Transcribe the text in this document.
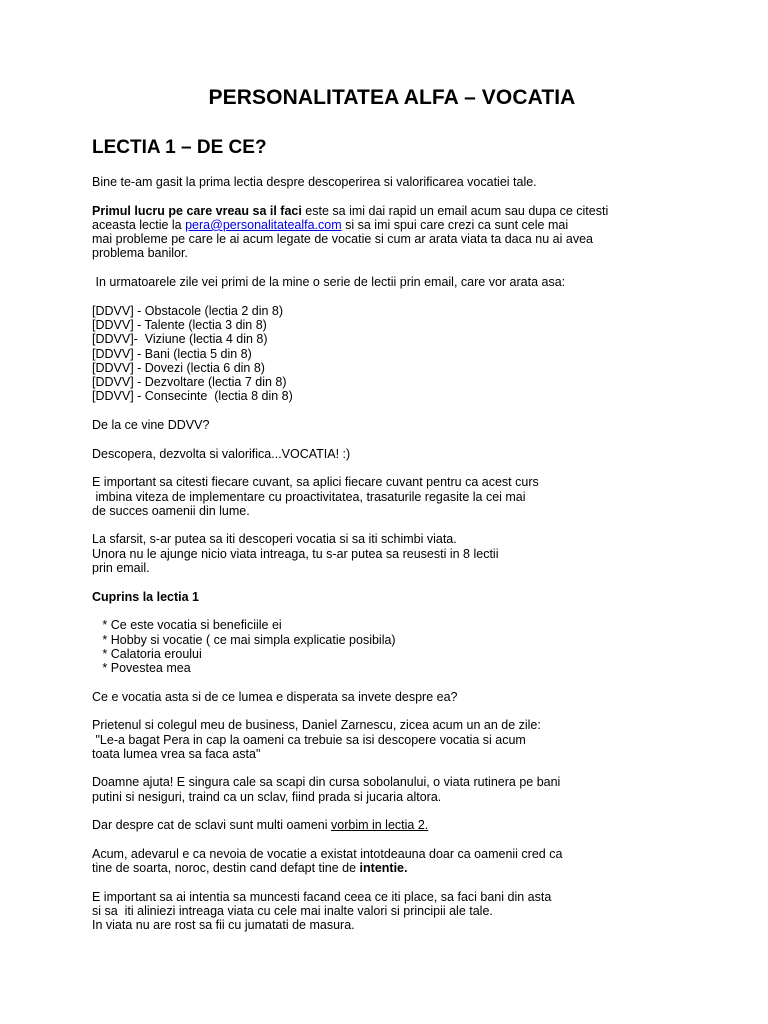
PERSONALITATEA ALFA – VOCATIA
LECTIA 1 – DE CE?

Bine te-am gasit la prima lectia despre descoperirea si valorificarea vocatiei tale.

Primul lucru pe care vreau sa il faci este sa imi dai rapid un email acum sau dupa ce citesti
aceasta lectie la pera@personalitatealfa.com si sa imi spui care crezi ca sunt cele mai
mai probleme pe care le ai acum legate de vocatie si cum ar arata viata ta daca nu ai avea
problema banilor.

In urmatoarele zile vei primi de la mine o serie de lectii prin email, care vor arata asa:

[DDVV] - Obstacole (lectia 2 din 8)
[DDVV] - Talente (lectia 3 din 8)
[DDVV]-  Viziune (lectia 4 din 8)
[DDVV] - Bani (lectia 5 din 8)
[DDVV] - Dovezi (lectia 6 din 8)
[DDVV] - Dezvoltare (lectia 7 din 8)
[DDVV] - Consecinte  (lectia 8 din 8)

De la ce vine DDVV?

Descopera, dezvolta si valorifica...VOCATIA! :)

E important sa citesti fiecare cuvant, sa aplici fiecare cuvant pentru ca acest curs
imbina viteza de implementare cu proactivitatea, trasaturile regasite la cei mai
de succes oamenii din lume.

La sfarsit, s-ar putea sa iti descoperi vocatia si sa iti schimbi viata.
Unora nu le ajunge nicio viata intreaga, tu s-ar putea sa reusesti in 8 lectii
prin email.

Cuprins la lectia 1

* Ce este vocatia si beneficiile ei
* Hobby si vocatie ( ce mai simpla explicatie posibila)
* Calatoria eroului
* Povestea mea

Ce e vocatia asta si de ce lumea e disperata sa invete despre ea?

Prietenul si colegul meu de business, Daniel Zarnescu, zicea acum un an de zile:
"Le-a bagat Pera in cap la oameni ca trebuie sa isi descopere vocatia si acum
toata lumea vrea sa faca asta"

Doamne ajuta! E singura cale sa scapi din cursa sobolanului, o viata rutinera pe bani
putini si nesiguri, traind ca un sclav, fiind prada si jucaria altora.

Dar despre cat de sclavi sunt multi oameni vorbim in lectia 2.

Acum, adevarul e ca nevoia de vocatie a existat intotdeauna doar ca oamenii cred ca
tine de soarta, noroc, destin cand defapt tine de intentie.

E important sa ai intentia sa muncesti facand ceea ce iti place, sa faci bani din asta
si sa  iti aliniezi intreaga viata cu cele mai inalte valori si principii ale tale.
In viata nu are rost sa fii cu jumatati de masura.
